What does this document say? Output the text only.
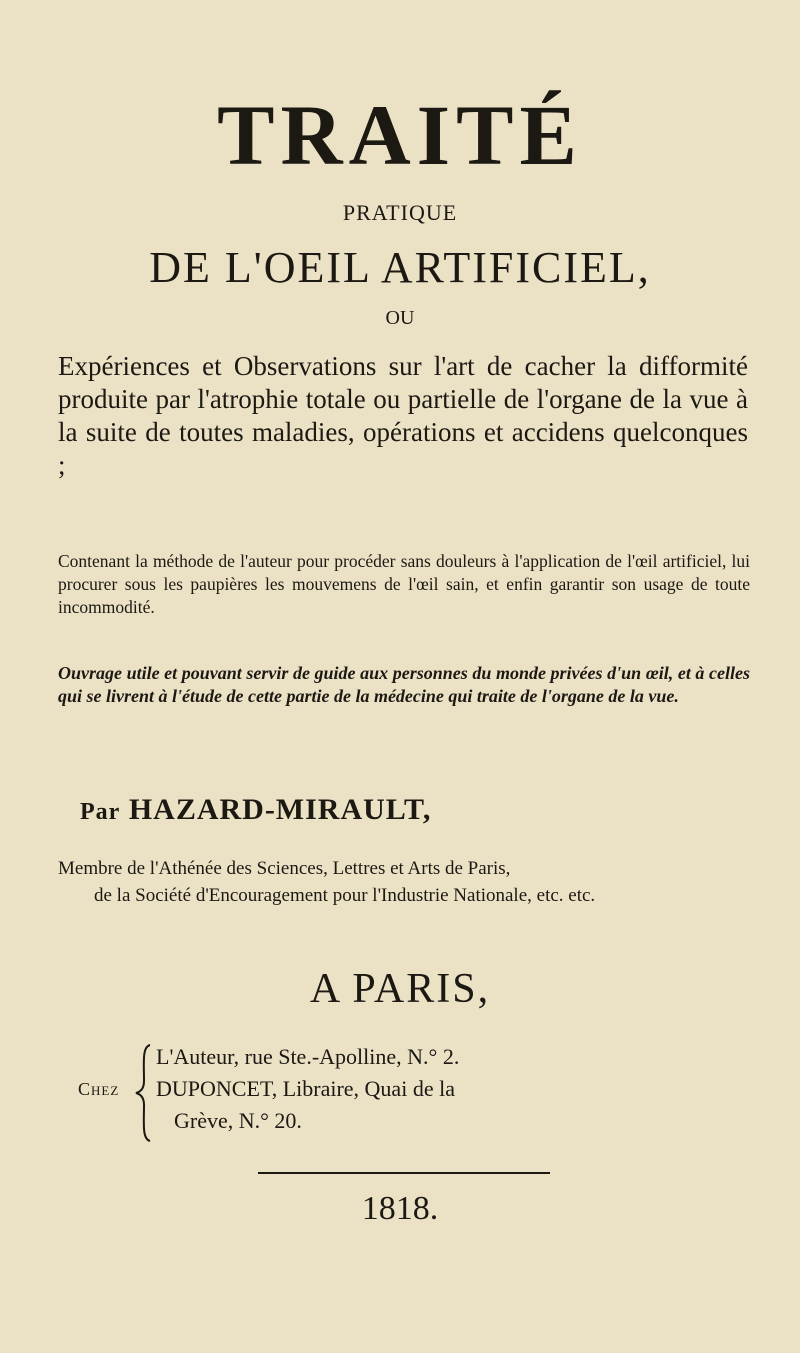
TRAITÉ
PRATIQUE
DE L'OEIL ARTIFICIEL,
OU
Expériences et Observations sur l'art de cacher la difformité produite par l'atrophie totale ou partielle de l'organe de la vue à la suite de toutes maladies, opérations et accidens quelconques ;
Contenant la méthode de l'auteur pour procéder sans douleurs à l'application de l'œil artificiel, lui procurer sous les paupières les mouvemens de l'œil sain, et enfin garantir son usage de toute incommodité.
Ouvrage utile et pouvant servir de guide aux personnes du monde privées d'un œil, et à celles qui se livrent à l'étude de cette partie de la médecine qui traite de l'organe de la vue.
Par HAZARD-MIRAULT,
Membre de l'Athénée des Sciences, Lettres et Arts de Paris,
de la Société d'Encouragement pour l'Industrie Nationale, etc. etc.
A PARIS,
Chez
L'Auteur, rue Ste.-Apolline, N.° 2.
DUPONCET, Libraire, Quai de la
Grève, N.° 20.
1818.
